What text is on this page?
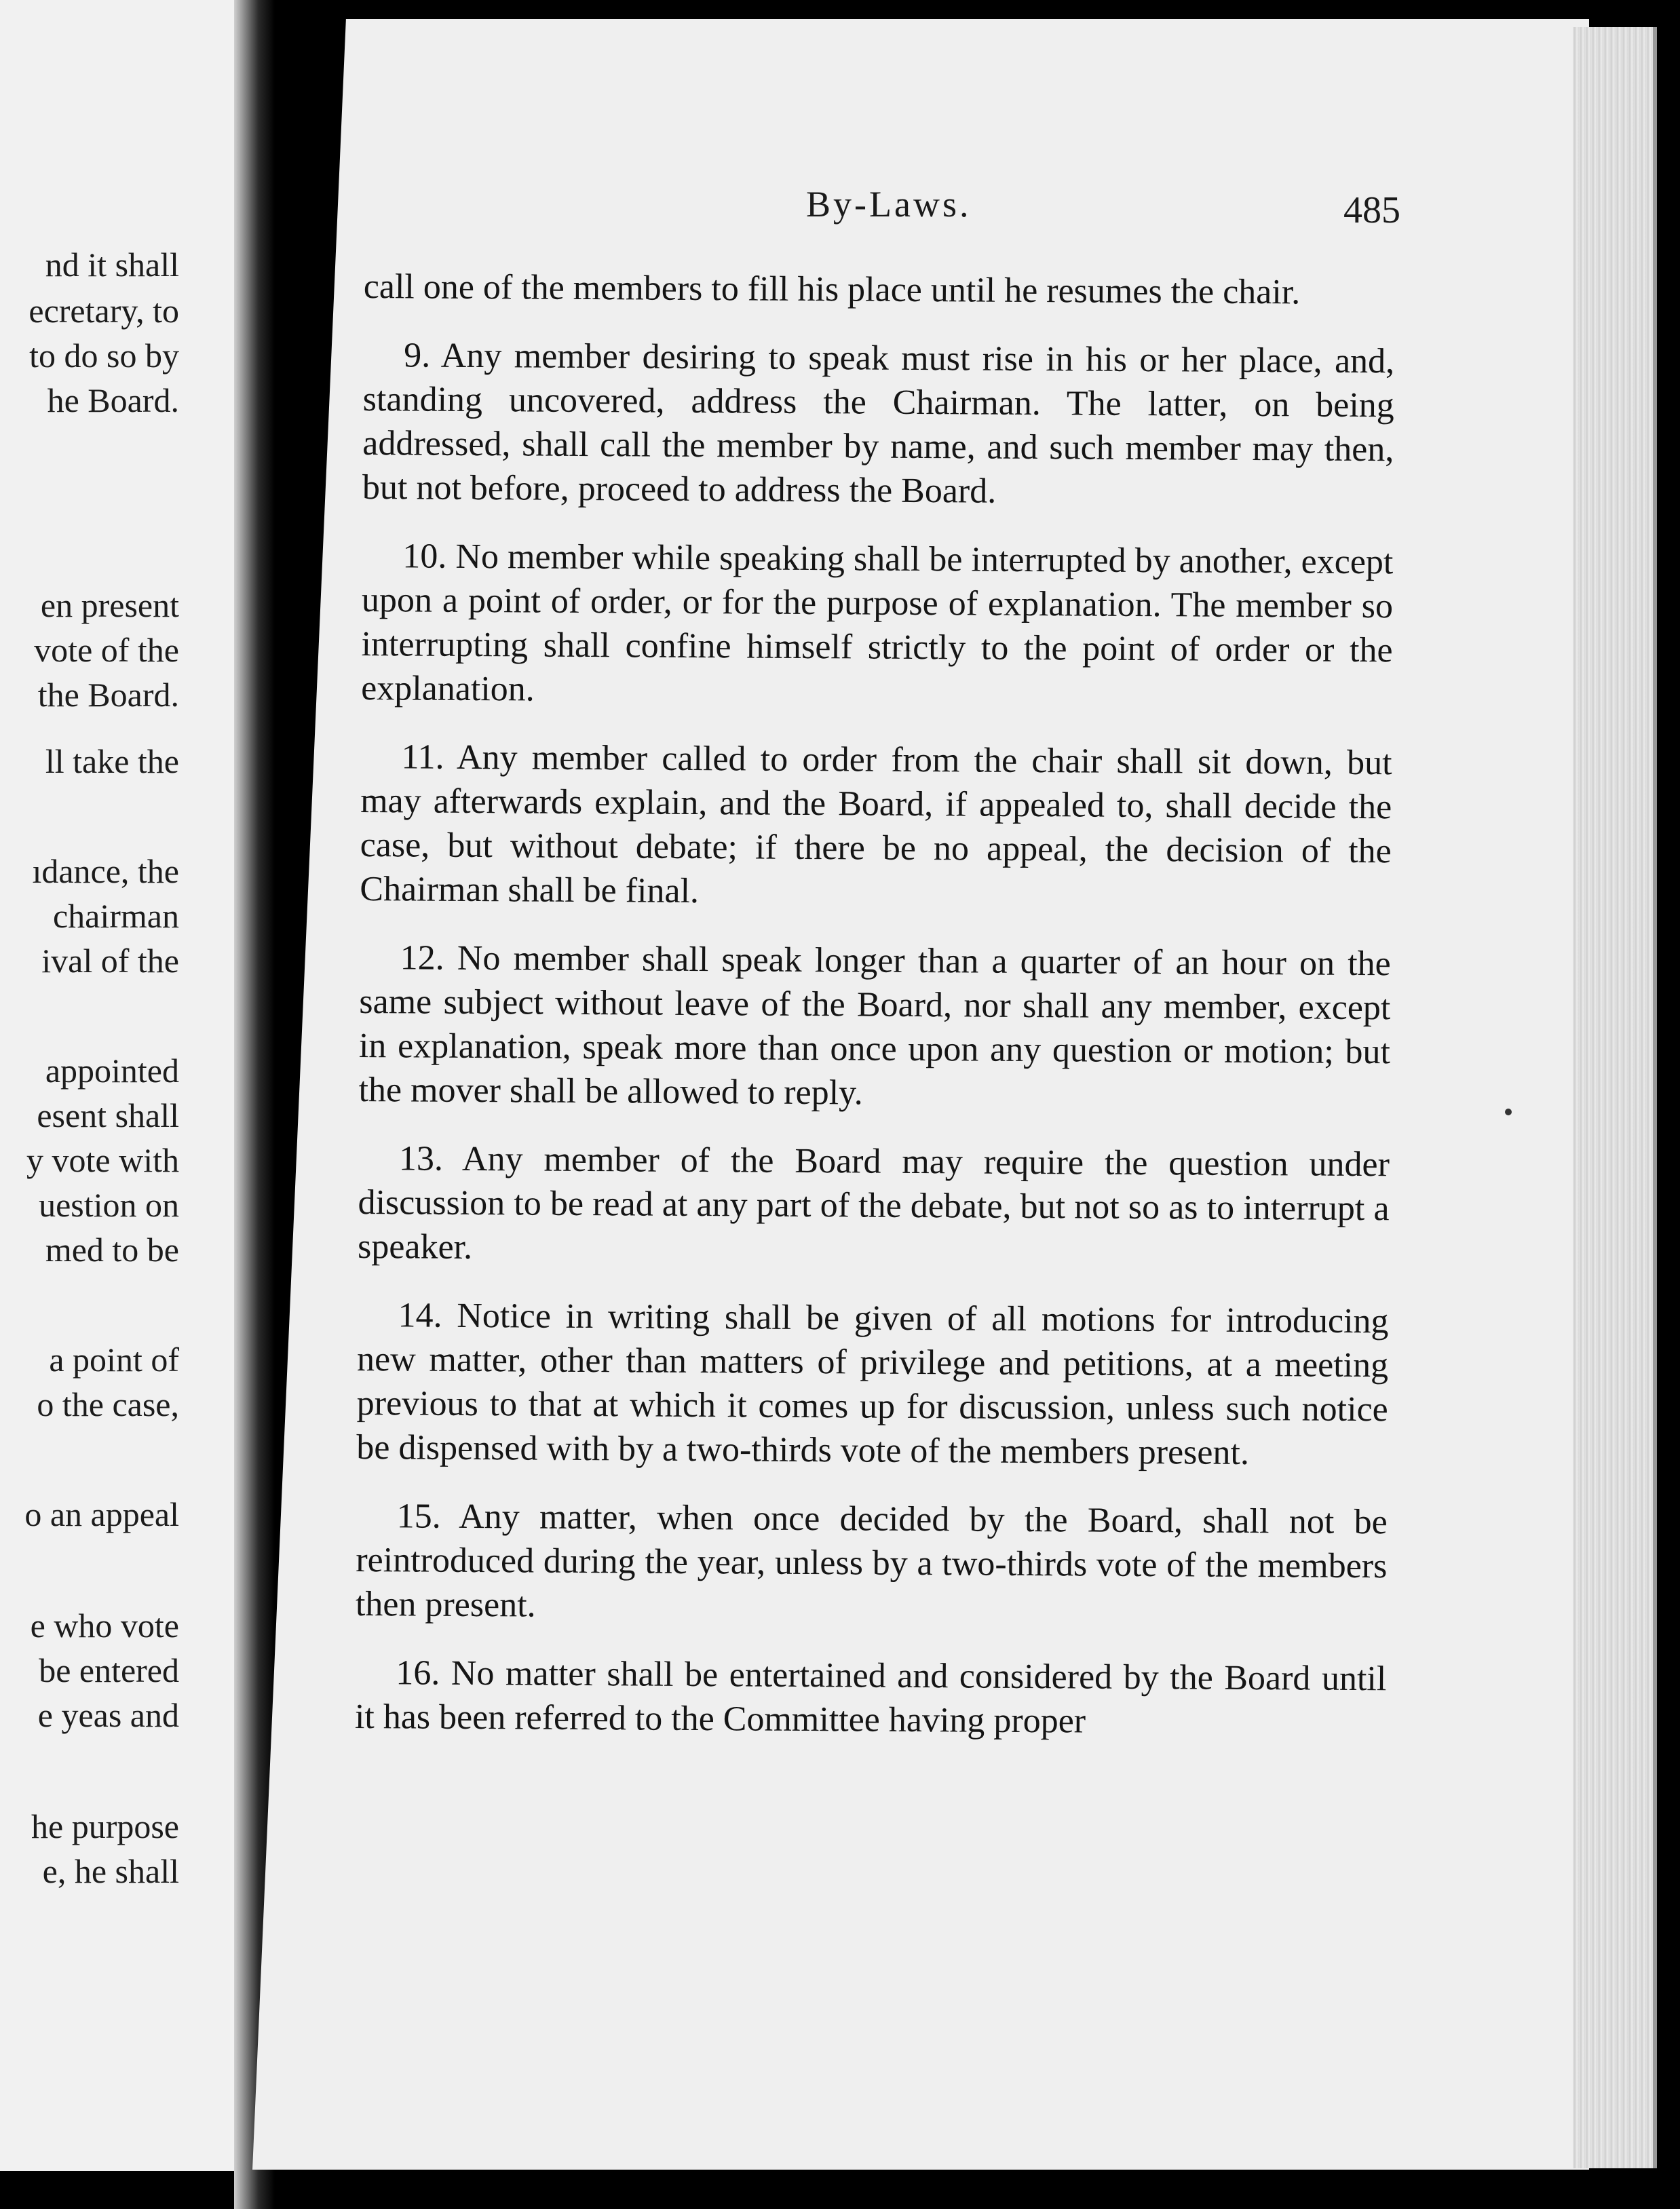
nd it shall
ecretary, to
to do so by
he Board.
en present
vote of the
the Board.
ll take the
ıdance, the
chairman
ival of the
appointed
esent shall
y vote with
uestion on
med to be
a point of
o the case,
o an appeal
e who vote
be entered
e yeas and
he purpose
e, he shall
By-Laws.	485

call one of the members to fill his place until he resumes the chair.

9. Any member desiring to speak must rise in his or her place, and, standing uncovered, address the Chairman. The latter, on being addressed, shall call the member by name, and such member may then, but not before, proceed to address the Board.

10. No member while speaking shall be interrupted by another, except upon a point of order, or for the purpose of explanation. The member so interrupting shall confine himself strictly to the point of order or the explanation.

11. Any member called to order from the chair shall sit down, but may afterwards explain, and the Board, if appealed to, shall decide the case, but without debate; if there be no appeal, the decision of the Chairman shall be final.

12. No member shall speak longer than a quarter of an hour on the same subject without leave of the Board, nor shall any member, except in explanation, speak more than once upon any question or motion; but the mover shall be allowed to reply.

13. Any member of the Board may require the question under discussion to be read at any part of the debate, but not so as to interrupt a speaker.

14. Notice in writing shall be given of all motions for introducing new matter, other than matters of privilege and petitions, at a meeting previous to that at which it comes up for discussion, unless such notice be dispensed with by a two-thirds vote of the members present.

15. Any matter, when once decided by the Board, shall not be reintroduced during the year, unless by a two-thirds vote of the members then present.

16. No matter shall be entertained and considered by the Board until it has been referred to the Committee having proper
